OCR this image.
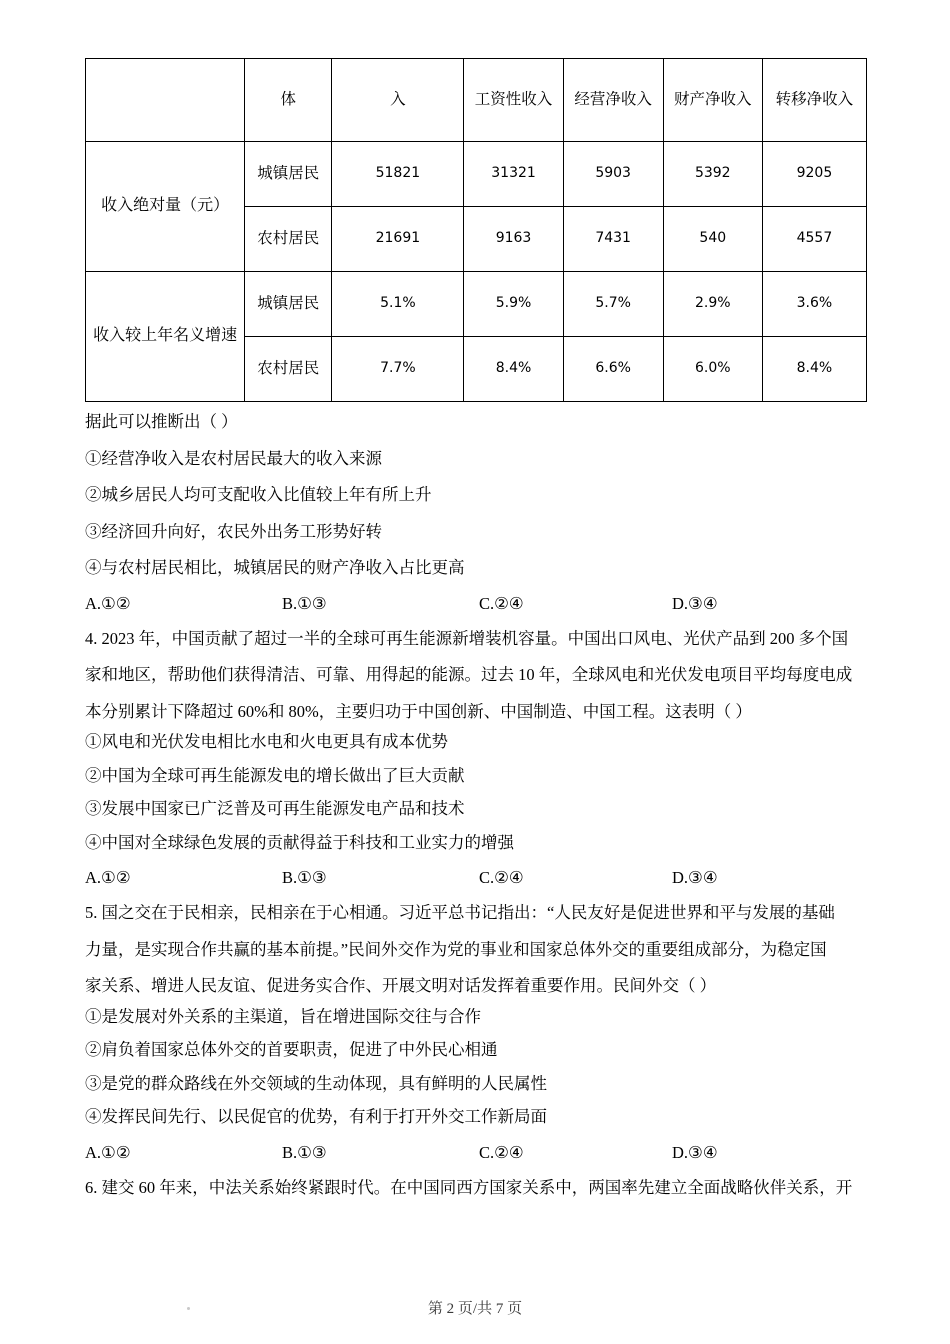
	体	入	工资性收入	经营净收入	财产净收入	转移净收入
收入绝对量（元）	城镇居民	51821	31321	5903	5392	9205
	农村居民	21691	9163	7431	540	4557
收入较上年名义增速	城镇居民	5.1%	5.9%	5.7%	2.9%	3.6%
	农村居民	7.7%	8.4%	6.6%	6.0%	8.4%
据此可以推断出（ ）
①经营净收入是农村居民最大的收入来源
②城乡居民人均可支配收入比值较上年有所上升
③经济回升向好，农民外出务工形势好转
④与农村居民相比，城镇居民的财产净收入占比更高
A.①②	B.①③	C.②④	D.③④
4. 2023 年，中国贡献了超过一半的全球可再生能源新增装机容量。中国出口风电、光伏产品到 200 多个国
家和地区，帮助他们获得清洁、可靠、用得起的能源。过去 10 年，全球风电和光伏发电项目平均每度电成
本分别累计下降超过 60%和 80%，主要归功于中国创新、中国制造、中国工程。这表明（ ）
①风电和光伏发电相比水电和火电更具有成本优势
②中国为全球可再生能源发电的增长做出了巨大贡献
③发展中国家已广泛普及可再生能源发电产品和技术
④中国对全球绿色发展的贡献得益于科技和工业实力的增强
A.①②	B.①③	C.②④	D.③④
5. 国之交在于民相亲，民相亲在于心相通。习近平总书记指出：“人民友好是促进世界和平与发展的基础
力量，是实现合作共赢的基本前提。”民间外交作为党的事业和国家总体外交的重要组成部分，为稳定国
家关系、增进人民友谊、促进务实合作、开展文明对话发挥着重要作用。民间外交（ ）
①是发展对外关系的主渠道，旨在增进国际交往与合作
②肩负着国家总体外交的首要职责，促进了中外民心相通
③是党的群众路线在外交领域的生动体现，具有鲜明的人民属性
④发挥民间先行、以民促官的优势，有利于打开外交工作新局面
A.①②	B.①③	C.②④	D.③④
6. 建交 60 年来，中法关系始终紧跟时代。在中国同西方国家关系中，两国率先建立全面战略伙伴关系，开
第 2 页/共 7 页
